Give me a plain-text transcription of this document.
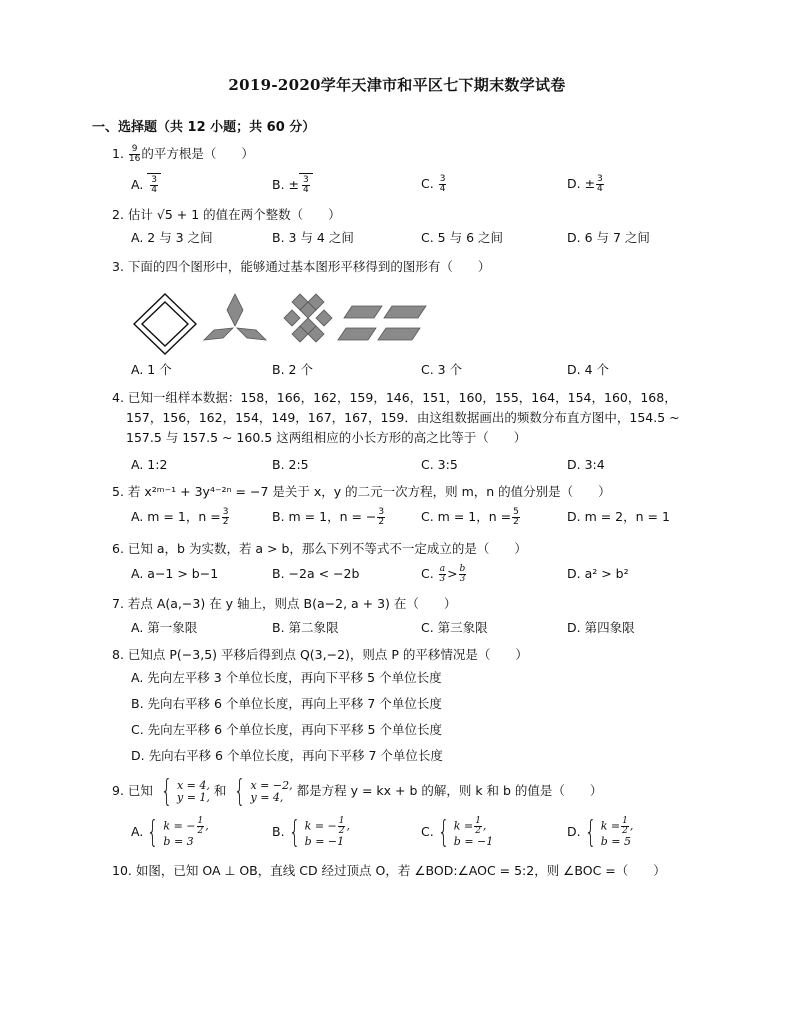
2019-2020学年天津市和平区七下期末数学试卷
一、选择题（共 12 小题；共 60 分）
1. $\frac{9}{16}$ 的平方根是（　　）
A. $\frac{3}{4}$	B. ± $\frac{3}{4}$	C. $\frac{3}{4}$	D. ± $\frac{3}{4}$
2. 估计 √5 + 1 的值在两个整数（　　）
A. 2 与 3 之间	B. 3 与 4 之间	C. 5 与 6 之间	D. 6 与 7 之间
3. 下面的四个图形中，能够通过基本图形平移得到的图形有（　　）
A. 1 个	B. 2 个	C. 3 个	D. 4 个
4. 已知一组样本数据：158，166，162，159，146，151，160，155，164，154，160，168，
157，156，162，154，149，167，167，159．由这组数据画出的频数分布直方图中，154.5 ~
157.5 与 157.5 ~ 160.5 这两组相应的小长方形的高之比等于（　　）
A. 1:2	B. 2:5	C. 3:5	D. 3:4
5. 若 x²ᵐ⁻¹ + 3y⁴⁻²ⁿ = −7 是关于 x，y 的二元一次方程，则 m，n 的值分别是（　　）
A. m = 1，$n = \frac{3}{2}$	B. m = 1，n = − $\frac{3}{2}$	C. m = 1，$n = \frac{5}{2}$	D. m = 2，n = 1
6. 已知 a，b 为实数，若 a > b，那么下列不等式不一定成立的是（　　）
A. a−1 > b−1	B. −2a < −2b	C. $\frac{a}{3} > \frac{b}{3}$	D. a² > b²
7. 若点 A(a,−3) 在 y 轴上，则点 B(a−2, a + 3) 在（　　）
A. 第一象限	B. 第二象限	C. 第三象限	D. 第四象限
8. 已知点 P(−3,5) 平移后得到点 Q(3,−2)，则点 P 的平移情况是（　　）
A. 先向左平移 3 个单位长度，再向下平移 5 个单位长度
B. 先向右平移 6 个单位长度，再向上平移 7 个单位长度
C. 先向左平移 6 个单位长度，再向下平移 5 个单位长度
D. 先向右平移 6 个单位长度，再向下平移 7 个单位长度
9. 已知 { x = 4,
y = 1, 和 { x = −2,
y = 4,	都是方程 y = kx + b 的解，则 k 和 b 的值是（　　）
A. { k = − $\frac{1}{2}$ ,
b = 3
B. { k = − $\frac{1}{2}$ ,
b = −1
C. { $k = \frac{1}{2}$ ,
b = −1
D. { $k = \frac{1}{2}$ ,
b = 5
10. 如图，已知 OA ⊥ OB，直线 CD 经过顶点 O，若 ∠BOD:∠AOC = 5:2，则 ∠BOC =（　　）
